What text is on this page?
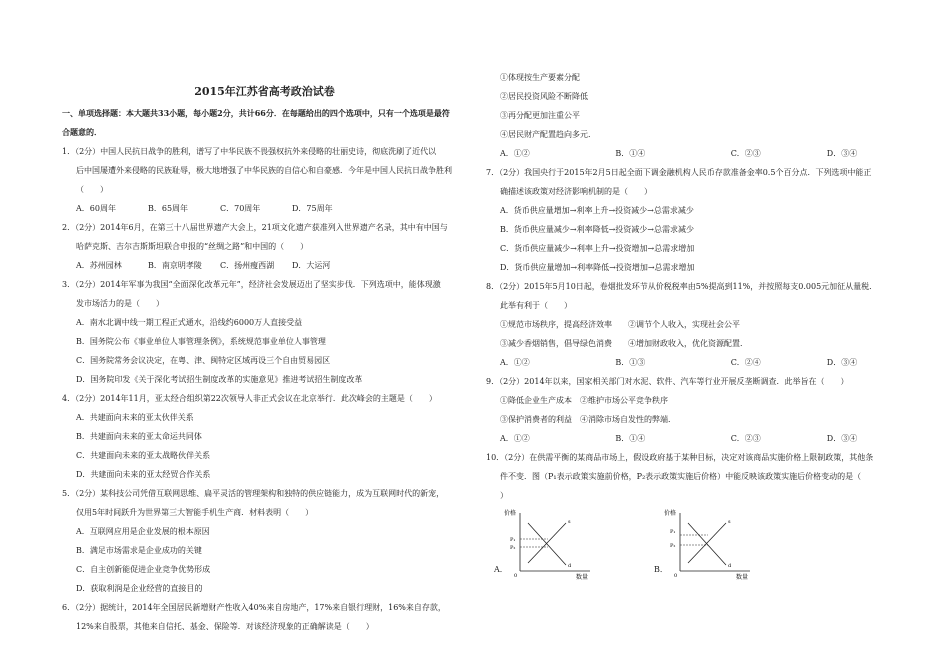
2015年江苏省高考政治试卷
一、单项选择题：本大题共33小题，每小题2分，共计66分．在每题给出的四个选项中，只有一个选项是最符
合题意的．
1．（2分）中国人民抗日战争的胜利，谱写了中华民族不畏强权抗外来侵略的壮丽史诗，彻底洗刷了近代以
后中国屡遭外来侵略的民族耻辱，极大地增强了中华民族的自信心和自豪感．今年是中国人民抗日战争胜利
（　　）
A．60周年	B．65周年	C．70周年	D．75周年
2．（2分）2014年6月，在第三十八届世界遗产大会上，21项文化遗产获准列入世界遗产名录，其中有中国与
哈萨克斯、吉尔吉斯斯坦联合申报的“丝绸之路”和中国的（　　）
A．苏州园林	B．南京明孝陵	C．扬州瘦西湖	D．大运河
3．（2分）2014年军事为我国“全面深化改革元年”，经济社会发展迈出了坚实步伐．下列选项中，能体现激
发市场活力的是（　　）
A．南水北调中线一期工程正式通水，沿线约6000万人直接受益
B．国务院公布《事业单位人事管理条例》，系统规范事业单位人事管理
C．国务院常务会议决定，在粤、津、闽特定区域再设三个自由贸易园区
D．国务院印发《关于深化考试招生制度改革的实施意见》推进考试招生制度改革
4．（2分）2014年11月，亚太经合组织第22次领导人非正式会议在北京举行．此次峰会的主题是（　　）
A．共建面向未来的亚太伙伴关系
B．共建面向未来的亚太命运共同体
C．共建面向未来的亚太战略伙伴关系
D．共建面向未来的亚太经贸合作关系
5．（2分）某科技公司凭借互联网思维、扁平灵活的管理架构和独特的供应链能力，成为互联网时代的新宠，
仅用5年时间跃升为世界第三大智能手机生产商．材料表明（　　）
A．互联网应用是企业发展的根本原因
B．满足市场需求是企业成功的关键
C．自主创新能促进企业竞争优势形成
D．获取利润是企业经营的直接目的
6．（2分）据统计，2014年全国居民新增财产性收入40%来自房地产，17%来自银行理财，16%来自存款，
12%来自股票，其他来自信托、基金、保险等．对该经济现象的正确解读是（　　）
①体现按生产要素分配
②居民投资风险不断降低
③再分配更加注重公平
④居民财产配置趋向多元．
A．①②	B．①④	C．②③	D．③④
7．（2分）我国央行于2015年2月5日起全面下调金融机构人民币存款准备金率0.5个百分点．下列选项中能正
确描述该政策对经济影响机制的是（　　）
A．货币供应量增加→利率上升→投资减少→总需求减少
B．货币供应量减少→利率降低→投资减少→总需求减少
C．货币供应量减少→利率上升→投资增加→总需求增加
D．货币供应量增加→利率降低→投资增加→总需求增加
8．（2分）2015年5月10日起，卷烟批发环节从价税税率由5%提高到11%，并按照每支0.005元加征从量税．
此举有利于（　　）
①规范市场秩序，提高经济效率　　②调节个人收入，实现社会公平
③减少香烟销售，倡导绿色消费　　④增加财政收入，优化资源配置．
A．①②	B．①③	C．②④	D．③④
9．（2分）2014年以来，国家相关部门对水泥、软件、汽车等行业开展反垄断调查．此举旨在（　　）
①降低企业生产成本　②维护市场公平竞争秩序
③保护消费者的利益　④消除市场自发性的弊端．
A．①②	B．①④	C．②③	D．③④
10．（2分）在供需平衡的某商品市场上，假设政府基于某种目标，决定对该商品实施价格上限制政策，其他条
件不变．图（P₁表示政策实施前价格，P₂表示政策实施后价格）中能反映该政策实施后价格变动的是（
）
A．
价格
数量
0
s
d
P₁
P₂
B．
价格
数量
0
s
d
P₁
P₂
